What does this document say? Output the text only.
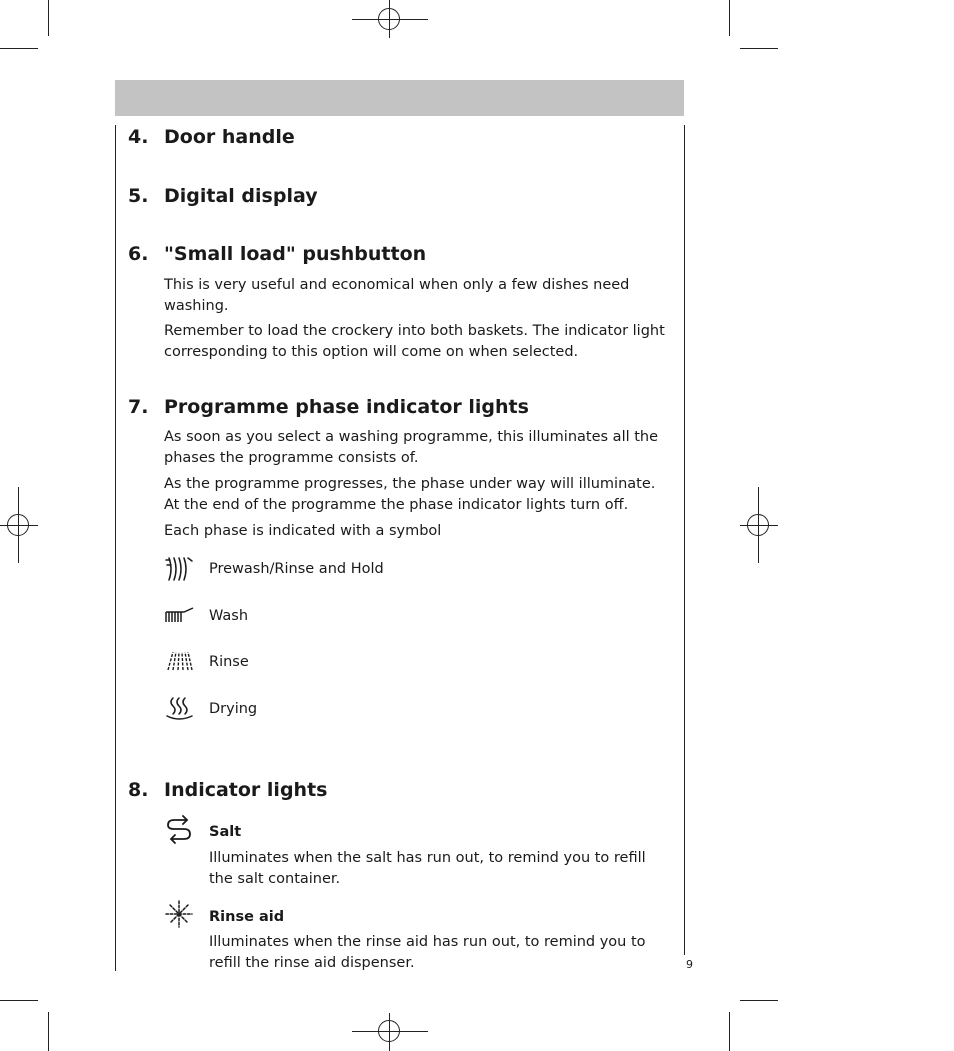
4. Door handle
5. Digital display
6. "Small load" pushbutton
This is very useful and economical when only a few dishes need washing.
Remember to load the crockery into both baskets. The indicator light corresponding to this option will come on when selected.
7. Programme phase indicator lights
As soon as you select a washing programme, this illuminates all the phases the programme consists of.
As the programme progresses, the phase under way will illuminate. At the end of the programme the phase indicator lights turn off.
Each phase is indicated with a symbol
Prewash/Rinse and Hold
Wash
Rinse
Drying
8. Indicator lights
Salt
Illuminates when the salt has run out, to remind you to refill the salt container.
Rinse aid
Illuminates when the rinse aid has run out, to remind you to refill the rinse aid dispenser.	9
